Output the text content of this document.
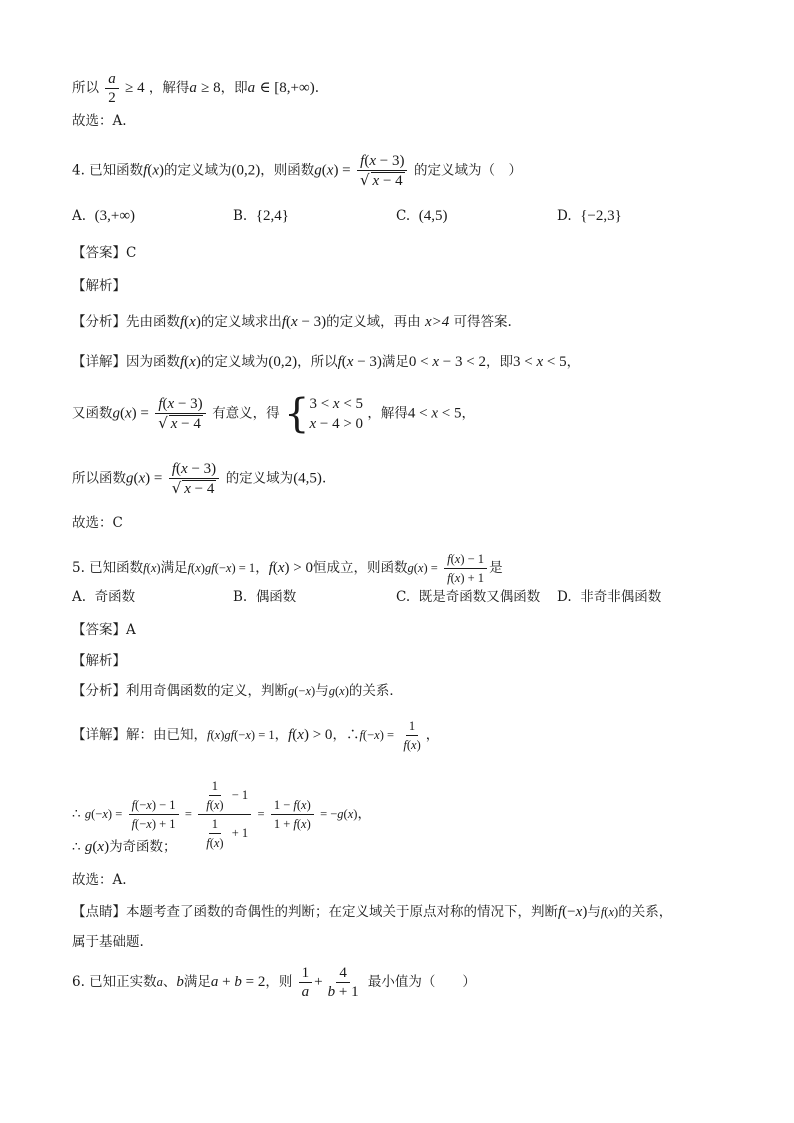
所以 $\frac{a}{2} \ge 4$ ，解得a ≥ 8，即a ∈ [8,+∞).
故选：A.
4. 已知函数f(x)的定义域为(0,2)，则函数$g(x) = \frac{f(x - 3)}{√ x - 4}$ 的定义域为（　）
A. (3,+∞)	B. {2,4}	C. (4,5)	D. {−2,3}
【答案】C
【解析】
【分析】先由函数f(x)的定义域求出f(x − 3)的定义域，再由 x>4 可得答案.
【详解】因为函数f(x)的定义域为(0,2)，所以f(x − 3)满足0 < x − 3 < 2，即3 < x < 5，
又函数$g(x) = \frac{f(x - 3)}{√ x - 4}$ 有意义，得 { 3 < x < 5
x − 4 > 0
，解得4 < x < 5，
所以函数$g(x) = \frac{f(x - 3)}{√ x - 4}$ 的定义域为(4,5).
故选：C
5. 已知函数f(x)满足f(x)gf(−x) = 1，f(x) > 0恒成立，则函数$g(x) = \frac{f(x) - 1}{f(x) + 1}$ 是
A. 奇函数	B. 偶函数	C. 既是奇函数又偶函数 D. 非奇非偶函数
【答案】A
【解析】
【分析】利用奇偶函数的定义，判断g(−x)与g(x)的关系．
【详解】解：由已知，f(x)gf(−x) = 1，f(x) > 0，∴f(−x) = $\frac{1}{f(x)}$ ，
∴ $g(-x) = \frac{f(-x) - 1}{f(-x) + 1} = \frac{\frac{1}{f(x)} - 1}{\frac{1}{f(x)} + 1} = \frac{1 - f(x)}{1 + f(x)} = -g(x)$，
∴ g(x)为奇函数；
故选：A.
【点睛】本题考查了函数的奇偶性的判断；在定义域关于原点对称的情况下，判断f(−x)与f(x)的关系，
属于基础题.
6. 已知正实数a、b满足a + b = 2，则 $\frac{1}{a} + \frac{4}{b + 1}$ 最小值为（　　）
